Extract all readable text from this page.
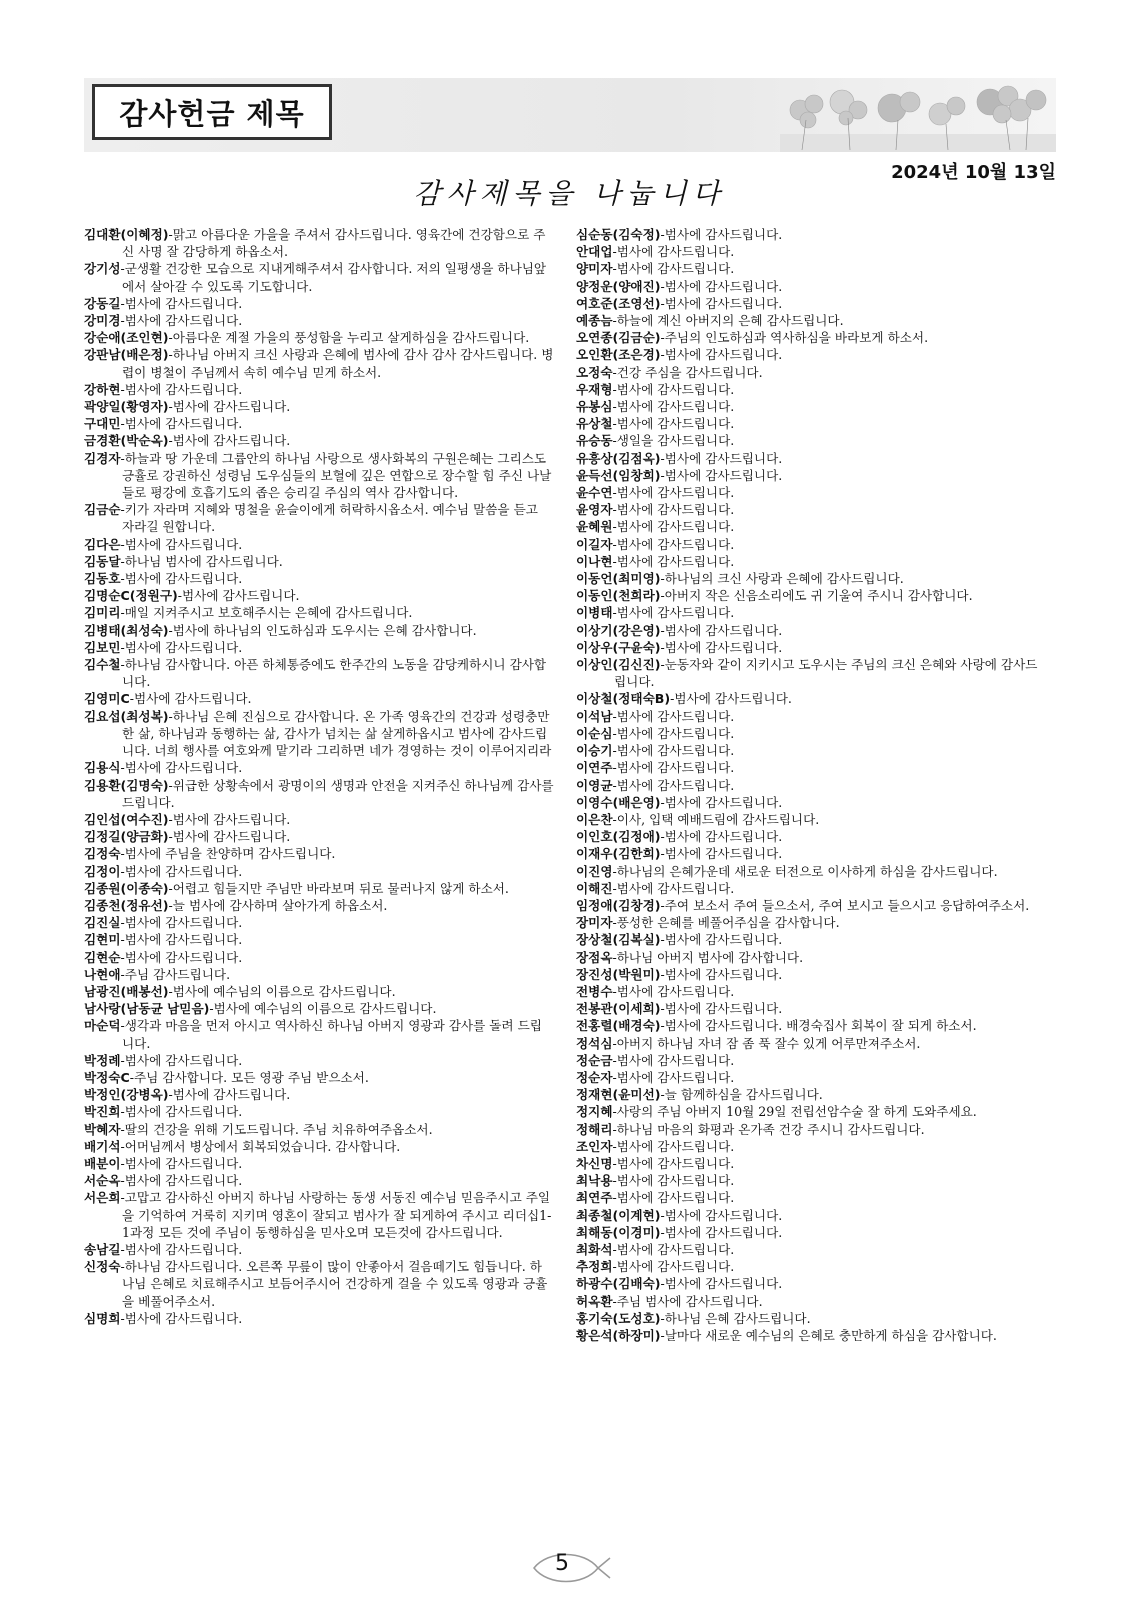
감사헌금 제목
2024년 10월 13일
감사제목을 나눕니다

김대환(이혜정)-맑고 아름다운 가을을 주셔서 감사드립니다. 영육간에 건강함으로 주신 사명 잘 감당하게 하옵소서.

강기성-군생활 건강한 모습으로 지내게해주셔서 감사합니다. 저의 일평생을 하나님앞에서 살아갈 수 있도록 기도합니다.

강동길-범사에 감사드립니다.

강미경-범사에 감사드립니다.

강순애(조인현)-아름다운 계절 가을의 풍성함을 누리고 살게하심을 감사드립니다.

강판남(배은정)-하나님 아버지 크신 사랑과 은혜에 범사에 감사 감사 감사드립니다. 병렵이 병철이 주님께서 속히 예수님 믿게 하소서.

강하현-범사에 감사드립니다.

곽양일(황영자)-범사에 감사드립니다.

구대민-범사에 감사드립니다.

금경환(박순옥)-범사에 감사드립니다.

김경자-하늘과 땅 가운데 그륩안의 하나님 사랑으로 생사화복의 구원은혜는 그리스도 긍휼로 강권하신 성령님 도우심들의 보혈에 깊은 연합으로 장수할 힘 주신 나날들로 평강에 호흡기도의 좁은 승리길 주심의 역사 감사합니다.

김금순-키가 자라며 지혜와 명철을 윤슬이에게 허락하시옵소서. 예수님 말씀을 듣고 자라길 원합니다.

김다은-범사에 감사드립니다.

김동달-하나님 범사에 감사드립니다.

김동호-범사에 감사드립니다.

김명순C(정원구)-범사에 감사드립니다.

김미리-매일 지켜주시고 보호해주시는 은혜에 감사드립니다.

김병태(최성숙)-범사에 하나님의 인도하심과 도우시는 은혜 감사합니다.

김보민-범사에 감사드립니다.

김수철-하나님 감사합니다. 아픈 하체통증에도 한주간의 노동을 감당케하시니 감사합니다.

김영미C-범사에 감사드립니다.

김요섭(최성복)-하나님 은혜 진심으로 감사합니다. 온 가족 영육간의 건강과 성령충만한 삶, 하나님과 동행하는 삶, 감사가 넘치는 삶 살게하옵시고 범사에 감사드립니다. 너희 행사를 여호와께 맡기라 그리하면 네가 경영하는 것이 이루어지리라

김용식-범사에 감사드립니다.

김용환(김명숙)-위급한 상황속에서 광명이의 생명과 안전을 지켜주신 하나님께 감사를 드립니다.

김인섭(여수진)-범사에 감사드립니다.

김정길(양금화)-범사에 감사드립니다.

김정숙-범사에 주님을 찬양하며 감사드립니다.

김정이-범사에 감사드립니다.

김종원(이종숙)-어렵고 힘들지만 주님만 바라보며 뒤로 물러나지 않게 하소서.

김종천(정유선)-늘 범사에 감사하며 살아가게 하옵소서.

김진실-범사에 감사드립니다.

김현미-범사에 감사드립니다.

김현순-범사에 감사드립니다.

나현애-주님 감사드립니다.

남광진(배봉선)-범사에 예수님의 이름으로 감사드립니다.

남사랑(남동균 남믿음)-범사에 예수님의 이름으로 감사드립니다.

마순덕-생각과 마음을 먼저 아시고 역사하신 하나님 아버지 영광과 감사를 돌려 드립니다.

박정례-범사에 감사드립니다.

박정숙C-주님 감사합니다. 모든 영광 주님 받으소서.

박정인(강병옥)-범사에 감사드립니다.

박진희-범사에 감사드립니다.

박혜자-딸의 건강을 위해 기도드립니다. 주님 치유하여주옵소서.

배기석-어머님께서 병상에서 회복되었습니다. 감사합니다.

배분이-범사에 감사드립니다.

서순옥-범사에 감사드립니다.

서은희-고맙고 감사하신 아버지 하나님 사랑하는 동생 서동진 예수님 믿음주시고 주일을 기억하여 거룩히 지키며 영혼이 잘되고 범사가 잘 되게하여 주시고 리더십1-1과정 모든 것에 주님이 동행하심을 믿사오며 모든것에 감사드립니다.

송남길-범사에 감사드립니다.

신정숙-하나님 감사드립니다. 오른쪽 무릎이 많이 안좋아서 걸음떼기도 힘듭니다. 하나님 은혜로 치료해주시고 보듬어주시어 건강하게 걸을 수 있도록 영광과 긍휼을 베풀어주소서.

심명희-범사에 감사드립니다.

심순동(김숙정)-범사에 감사드립니다.

안대업-범사에 감사드립니다.

양미자-범사에 감사드립니다.

양정운(양애진)-범사에 감사드립니다.

여호준(조영선)-범사에 감사드립니다.

예종늠-하늘에 계신 아버지의 은혜 감사드립니다.

오연종(김금순)-주님의 인도하심과 역사하심을 바라보게 하소서.

오인환(조은경)-범사에 감사드립니다.

오정숙-건강 주심을 감사드립니다.

우재형-범사에 감사드립니다.

유봉심-범사에 감사드립니다.

유상철-범사에 감사드립니다.

유승동-생일을 감사드립니다.

유흥상(김점옥)-범사에 감사드립니다.

윤득선(임창희)-범사에 감사드립니다.

윤수연-범사에 감사드립니다.

윤영자-범사에 감사드립니다.

윤혜원-범사에 감사드립니다.

이길자-범사에 감사드립니다.

이나현-범사에 감사드립니다.

이동언(최미영)-하나님의 크신 사랑과 은혜에 감사드립니다.

이동인(천희라)-아버지 작은 신음소리에도 귀 기울여 주시니 감사합니다.

이병태-범사에 감사드립니다.

이상기(강은영)-범사에 감사드립니다.

이상우(구윤숙)-범사에 감사드립니다.

이상인(김신진)-눈동자와 같이 지키시고 도우시는 주님의 크신 은혜와 사랑에 감사드립니다.

이상철(정태숙B)-범사에 감사드립니다.

이석남-범사에 감사드립니다.

이순심-범사에 감사드립니다.

이승기-범사에 감사드립니다.

이연주-범사에 감사드립니다.

이영균-범사에 감사드립니다.

이영수(배은영)-범사에 감사드립니다.

이은찬-이사, 입택 예배드림에 감사드립니다.

이인호(김정애)-범사에 감사드립니다.

이재우(김한희)-범사에 감사드립니다.

이진영-하나님의 은혜가운데 새로운 터전으로 이사하게 하심을 감사드립니다.

이해진-범사에 감사드립니다.

임정애(김창경)-주여 보소서 주여 들으소서, 주여 보시고 들으시고 응답하여주소서.

장미자-풍성한 은혜를 베풀어주심을 감사합니다.

장상철(김복실)-범사에 감사드립니다.

장점옥-하나님 아버지 범사에 감사합니다.

장진성(박원미)-범사에 감사드립니다.

전병수-범사에 감사드립니다.

전봉관(이세희)-범사에 감사드립니다.

전홍렬(배경숙)-범사에 감사드립니다. 배경숙집사 회복이 잘 되게 하소서.

정석심-아버지 하나님 자녀 잠 좀 푹 잘수 있게 어루만져주소서.

정순금-범사에 감사드립니다.

정순자-범사에 감사드립니다.

정재현(윤미선)-늘 함께하심을 감사드립니다.

정지혜-사랑의 주님 아버지 10월 29일 전립선암수술 잘 하게 도와주세요.

정해리-하나님 마음의 화평과 온가족 건강 주시니 감사드립니다.

조인자-범사에 감사드립니다.

차신명-범사에 감사드립니다.

최낙용-범사에 감사드립니다.

최연주-범사에 감사드립니다.

최종철(이계현)-범사에 감사드립니다.

최해동(이경미)-범사에 감사드립니다.

최화석-범사에 감사드립니다.

추정희-범사에 감사드립니다.

하광수(김배숙)-범사에 감사드립니다.

허옥환-주님 범사에 감사드립니다.

홍기숙(도성호)-하나님 은혜 감사드립니다.

황은석(하장미)-날마다 새로운 예수님의 은혜로 충만하게 하심을 감사합니다.

5
